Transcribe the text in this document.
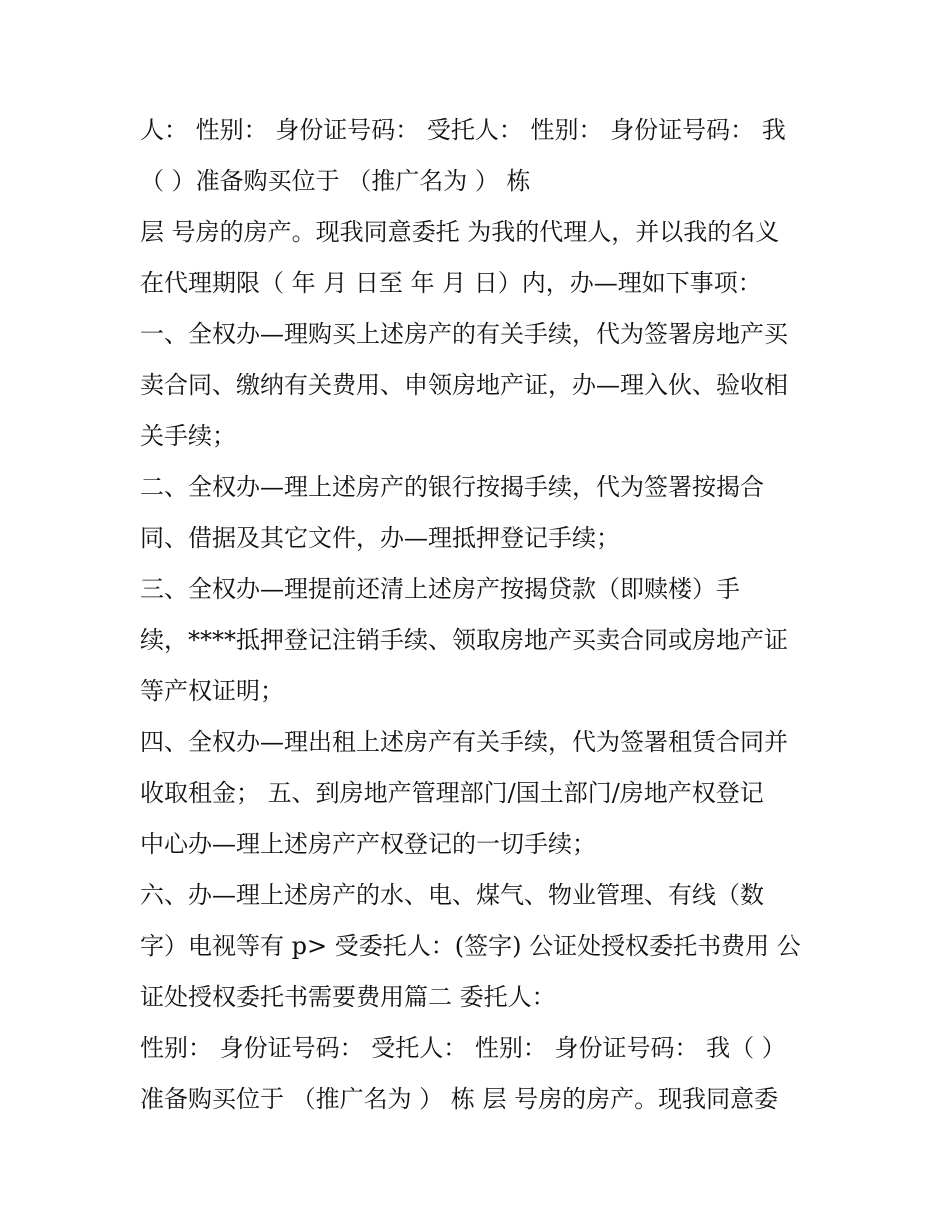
人： 性别： 身份证号码： 受托人： 性别： 身份证号码： 我
（ ）准备购买位于 （推广名为 ） 栋
层 号房的房产。现我同意委托 为我的代理人，并以我的名义
在代理期限（ 年 月 日至 年 月 日）内，办—理如下事项：
一、全权办—理购买上述房产的有关手续，代为签署房地产买
卖合同、缴纳有关费用、申领房地产证，办—理入伙、验收相
关手续；
二、全权办—理上述房产的银行按揭手续，代为签署按揭合
同、借据及其它文件，办—理抵押登记手续；
三、全权办—理提前还清上述房产按揭贷款（即赎楼）手
续，****抵押登记注销手续、领取房地产买卖合同或房地产证
等产权证明；
四、全权办—理出租上述房产有关手续，代为签署租赁合同并
收取租金； 五、到房地产管理部门/国土部门/房地产权登记
中心办—理上述房产产权登记的一切手续；
六、办—理上述房产的水、电、煤气、物业管理、有线（数
字）电视等有 p> 受委托人：(签字) 公证处授权委托书费用 公
证处授权委托书需要费用篇二 委托人：
性别： 身份证号码： 受托人： 性别： 身份证号码： 我（ ）
准备购买位于 （推广名为 ） 栋 层 号房的房产。现我同意委
